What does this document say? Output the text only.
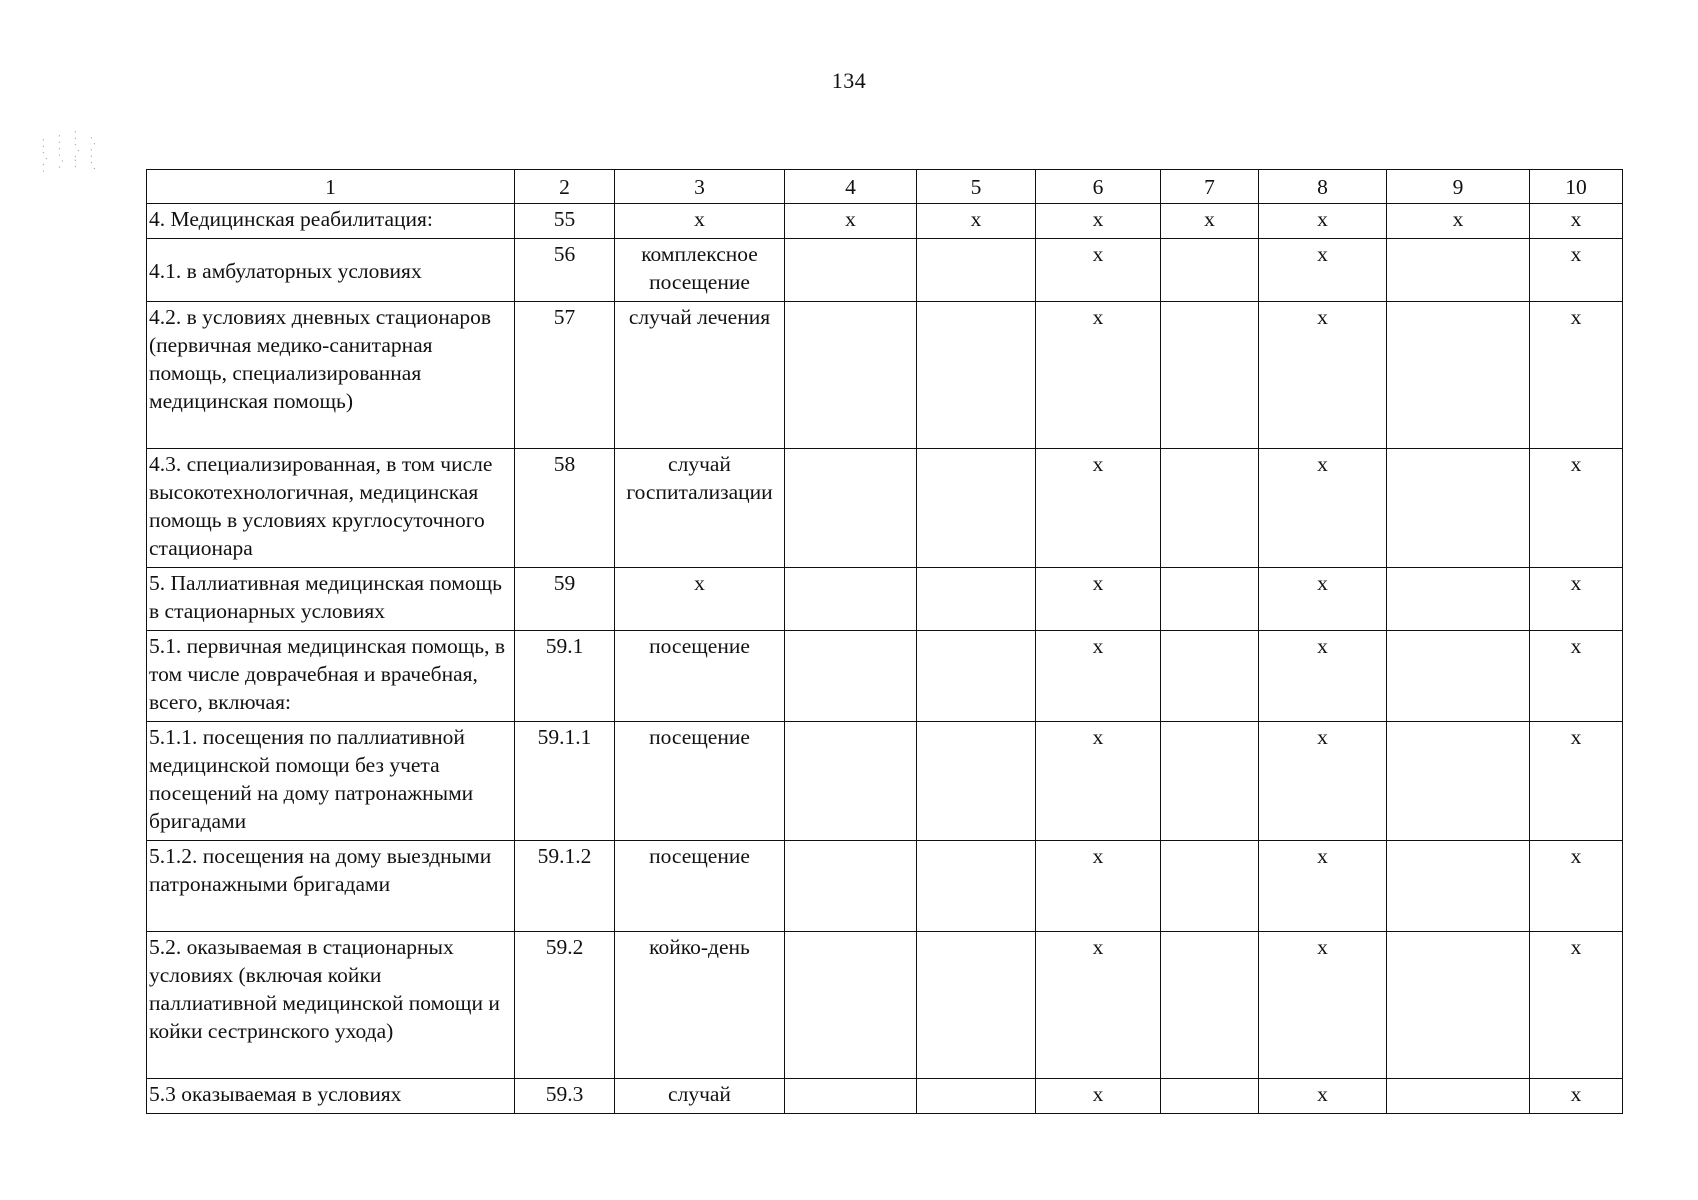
134
· · . · · · · . · · · · · ·· . · · · . · · · . ·
1	2	3	4	5	6	7	8	9	10
4. Медицинская реабилитация:	55	х	х	х	х	х	х	х	х
4.1. в амбулаторных условиях	56	комплексное посещение			х		х		х
4.2. в условиях дневных стационаров (первичная медико-санитарная помощь, специализированная медицинская помощь)	57	случай лечения			х		х		х
4.3. специализированная, в том числе высокотехнологичная, медицинская помощь в условиях круглосуточного стационара	58	случай госпитализации			х		х		х
5. Паллиативная медицинская помощь в стационарных условиях	59	х			х		х		х
5.1. первичная медицинская помощь, в том числе доврачебная и врачебная, всего, включая:	59.1	посещение			х		х		х
5.1.1. посещения по паллиативной медицинской помощи без учета посещений на дому патронажными бригадами	59.1.1	посещение			х		х		х
5.1.2. посещения на дому выездными патронажными бригадами	59.1.2	посещение			х		х		х
5.2. оказываемая в стационарных условиях (включая койки паллиативной медицинской помощи и койки сестринского ухода)	59.2	койко-день			х		х		х
5.3 оказываемая в условиях	59.3	случай			х		х		х
